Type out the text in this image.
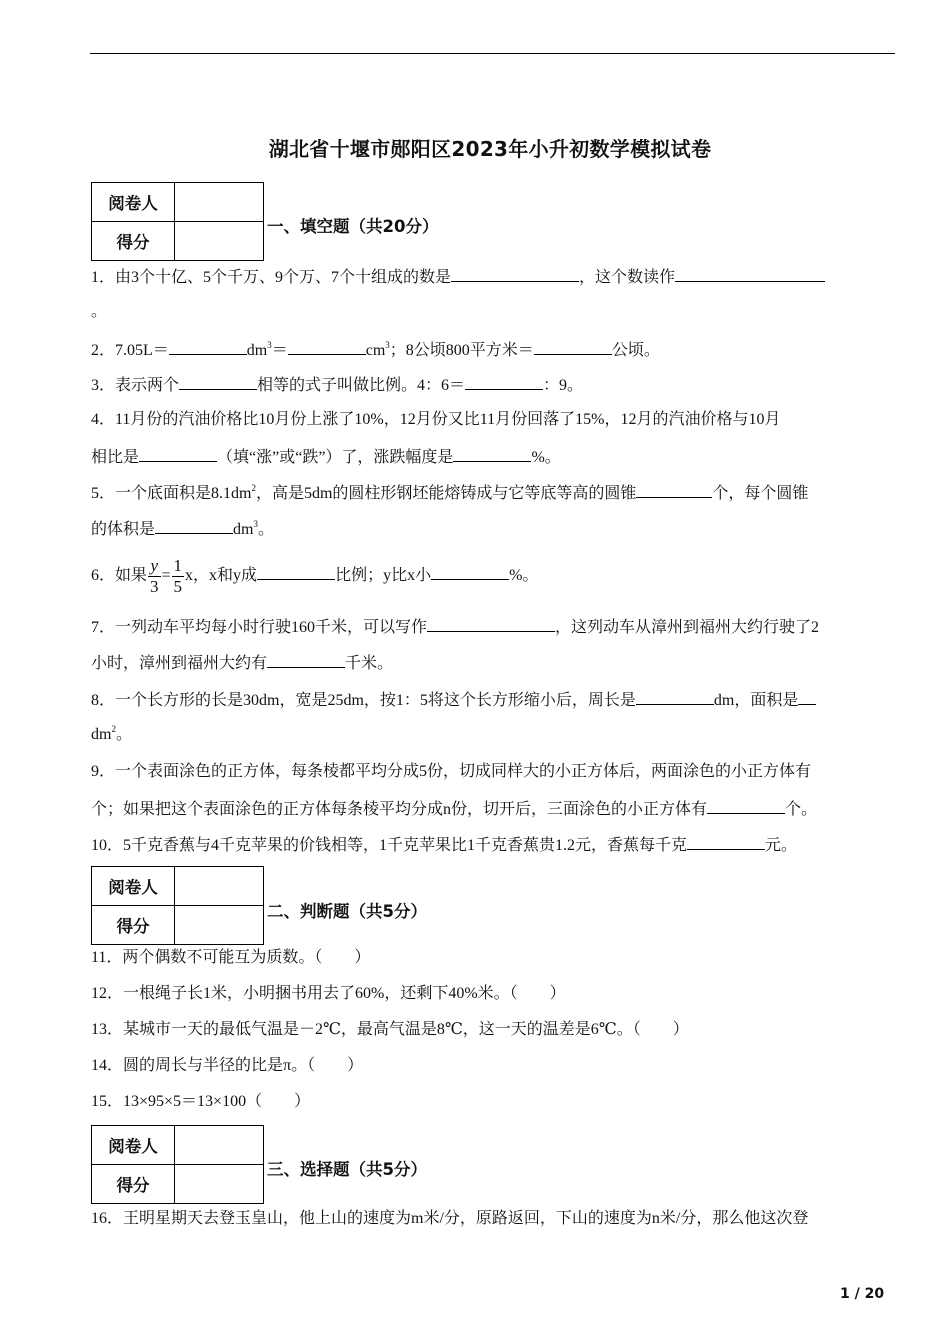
湖北省十堰市郧阳区2023年小升初数学模拟试卷
阅卷人	
得分	
一、填空题（共20分）
1．由3个十亿、5个千万、9个万、7个十组成的数是	，这个数读作
。
2．7.05L＝	$dm^3=$	$cm^3$；8公顷800平方米＝	公顷。
3．表示两个	相等的式子叫做比例。4：6＝	：9。
4．11月份的汽油价格比10月份上涨了10%，12月份又比11月份回落了15%，12月的汽油价格与10月
相比是	（填“涨”或“跌”）了，涨跌幅度是	%。
5．一个底面积是$8.1dm^2$，高是5dm的圆柱形钢坯能熔铸成与它等底等高的圆锥	个，每个圆锥
的体积是	$dm^3$。
6．如果 $\frac{y}{3} = \frac{1}{5}$ x，x和y成	比例；y比x小	%。
7．一列动车平均每小时行驶160千米，可以写作	，这列动车从漳州到福州大约行驶了2
小时，漳州到福州大约有	千米。
8．一个长方形的长是30dm，宽是25dm，按1：5将这个长方形缩小后，周长是	dm，面积是
$dm^2$。
9．一个表面涂色的正方体，每条棱都平均分成5份，切成同样大的小正方体后，两面涂色的小正方体有
个；如果把这个表面涂色的正方体每条棱平均分成n份，切开后，三面涂色的小正方体有	个。
10．5千克香蕉与4千克苹果的价钱相等，1千克苹果比1千克香蕉贵1.2元，香蕉每千克	元。
阅卷人	
得分	
二、判断题（共5分）
11．两个偶数不可能互为质数。（　　）
12．一根绳子长1米，小明捆书用去了60%，还剩下40%米。（　　）
13．某城市一天的最低气温是－2℃，最高气温是8℃，这一天的温差是6℃。（　　）
14．圆的周长与半径的比是π。（　　）
15．13×95×5＝13×100（　　）
阅卷人	
得分	
三、选择题（共5分）
16．王明星期天去登玉皇山，他上山的速度为m米/分，原路返回，下山的速度为n米/分，那么他这次登
1 / 20
